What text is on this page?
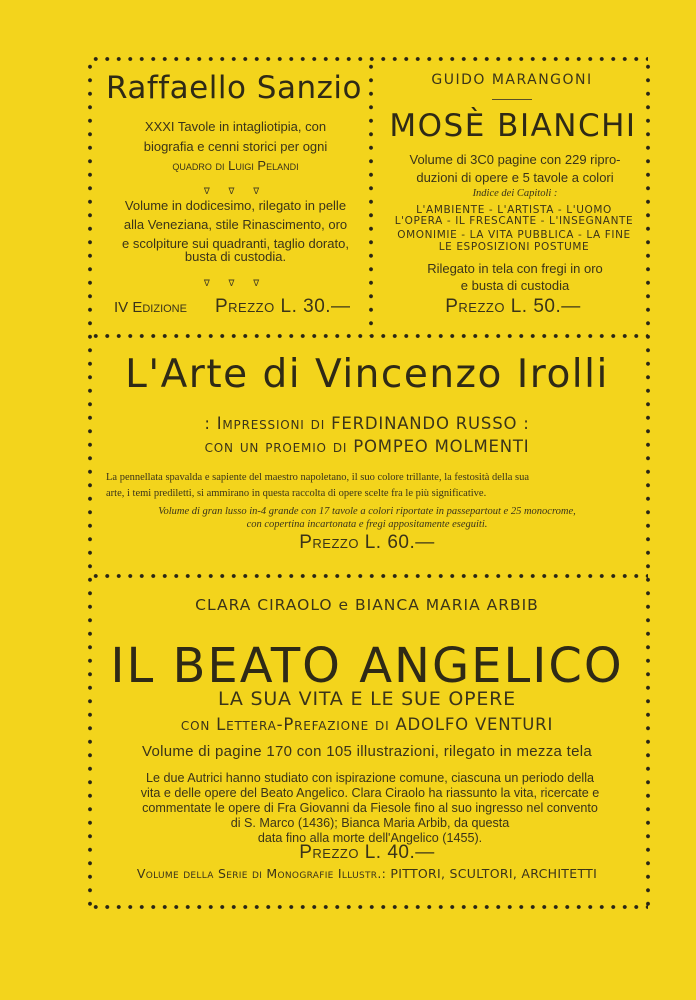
Raffaello Sanzio

XXXI Tavole in intagliotipia, con

biografia e cenni storici per ogni

quadro di Luigi Pelandi

ᐁ ᐁ ᐁ

Volume in dodicesimo, rilegato in pelle

alla Veneziana, stile Rinascimento, oro

e scolpiture sui quadranti, taglio dorato,

busta di custodia.

ᐁ ᐁ ᐁ

IV Edizione Prezzo L. 30.—

GUIDO MARANGONI

MOSÈ BIANCHI

Volume di 3C0 pagine con 229 ripro-

duzioni di opere e 5 tavole a colori

Indice dei Capitoli :

L'AMBIENTE - L'ARTISTA - L'UOMO

L'OPERA - IL FRESCANTE - L'INSEGNANTE

OMONIMIE - LA VITA PUBBLICA - LA FINE

LE ESPOSIZIONI POSTUME

Rilegato in tela con fregi in oro

e busta di custodia

Prezzo L. 50.—

L'Arte di Vincenzo Irolli

: Impressioni di FERDINANDO RUSSO :

con un proemio di POMPEO MOLMENTI

La pennellata spavalda e sapiente del maestro napoletano, il suo colore trillante, la festosità della sua

arte, i temi prediletti, si ammirano in questa raccolta di opere scelte fra le più significative.

Volume di gran lusso in-4 grande con 17 tavole a colori riportate in passepartout e 25 monocrome,

con copertina incartonata e fregi appositamente eseguiti.

Prezzo L. 60.—

CLARA CIRAOLO e BIANCA MARIA ARBIB

IL BEATO ANGELICO

LA SUA VITA E LE SUE OPERE

con Lettera-Prefazione di ADOLFO VENTURI

Volume di pagine 170 con 105 illustrazioni, rilegato in mezza tela

Le due Autrici hanno studiato con ispirazione comune, ciascuna un periodo della

vita e delle opere del Beato Angelico. Clara Ciraolo ha riassunto la vita, ricercate e

commentate le opere di Fra Giovanni da Fiesole fino al suo ingresso nel convento

di S. Marco (1436); Bianca Maria Arbib, da questa

data fino alla morte dell'Angelico (1455).

Prezzo L. 40.—

Volume della Serie di Monografie Illustr.: PITTORI, SCULTORI, ARCHITETTI
